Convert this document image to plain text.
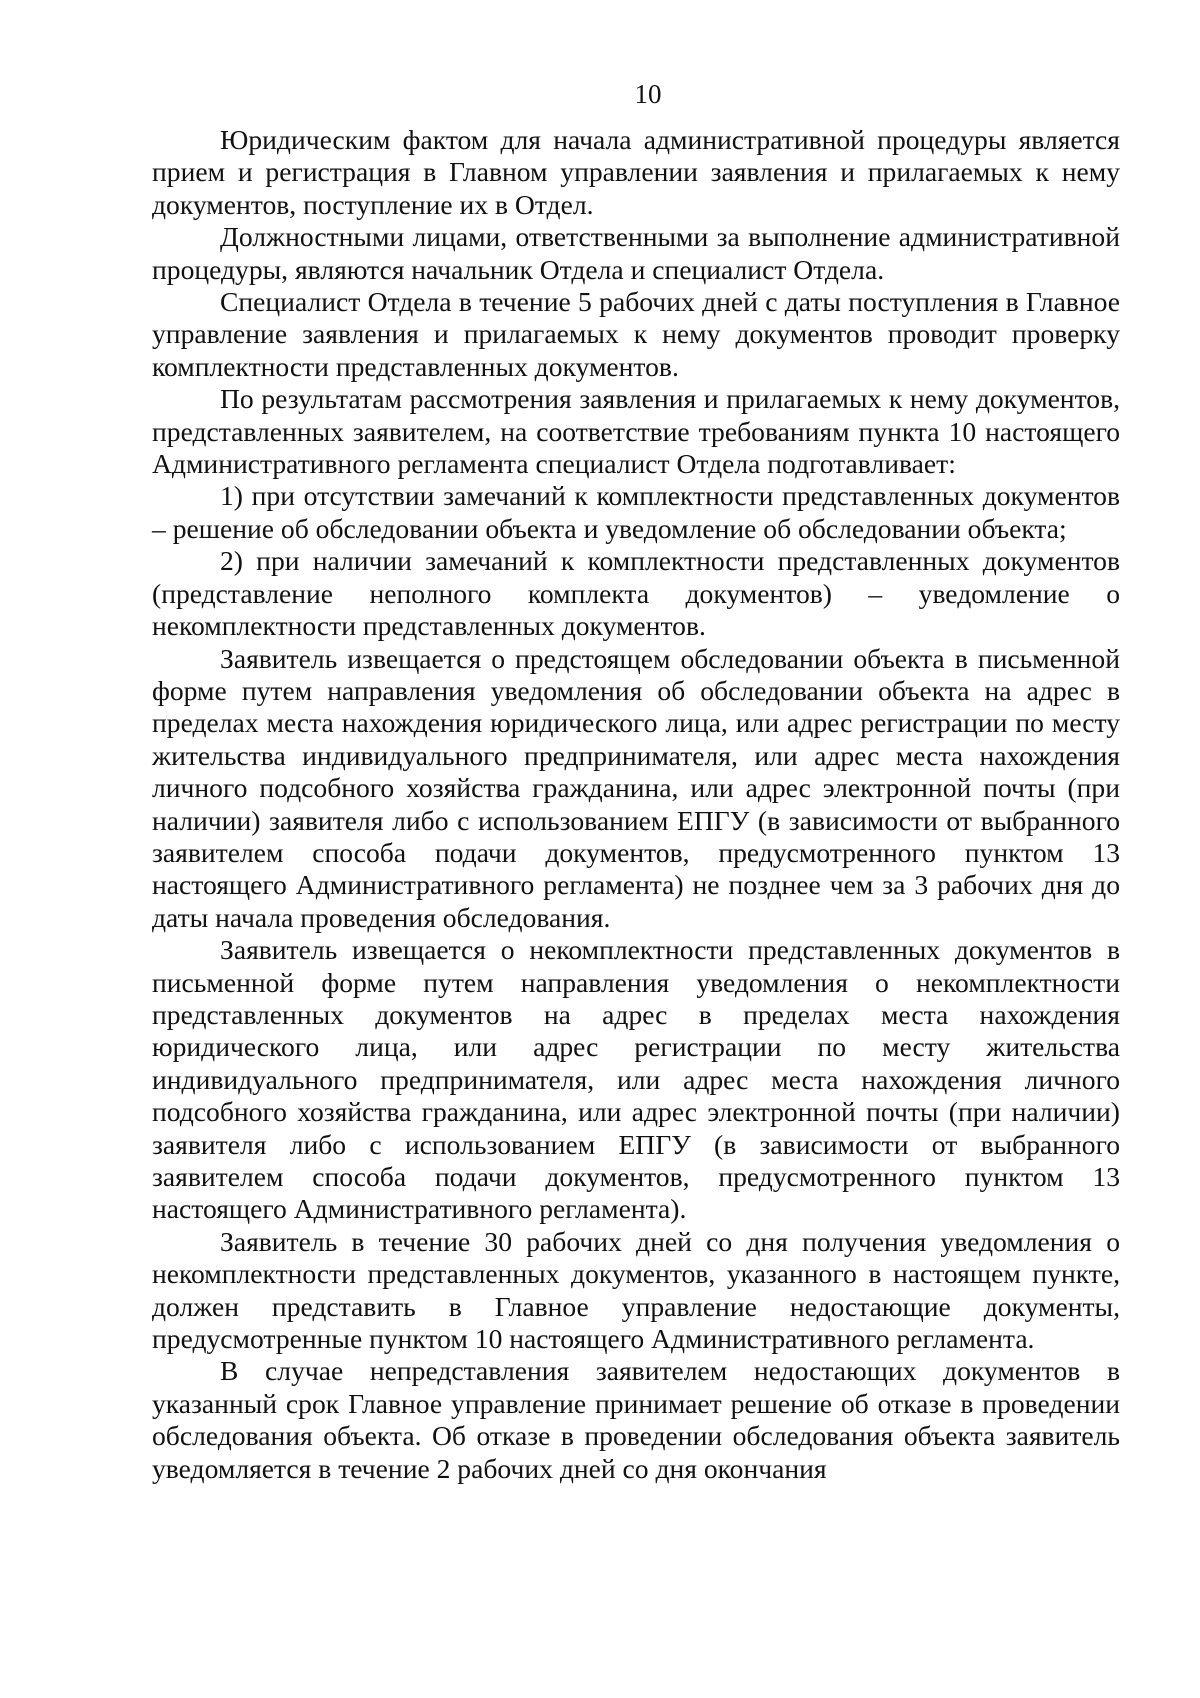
10

Юридическим фактом для начала административной процедуры является прием и регистрация в Главном управлении заявления и прилагаемых к нему документов, поступление их в Отдел.

Должностными лицами, ответственными за выполнение административной процедуры, являются начальник Отдела и специалист Отдела.

Специалист Отдела в течение 5 рабочих дней с даты поступления в Главное управление заявления и прилагаемых к нему документов проводит проверку комплектности представленных документов.

По результатам рассмотрения заявления и прилагаемых к нему документов, представленных заявителем, на соответствие требованиям пункта 10 настоящего Административного регламента специалист Отдела подготавливает:

1) при отсутствии замечаний к комплектности представленных документов – решение об обследовании объекта и уведомление об обследовании объекта;

2) при наличии замечаний к комплектности представленных документов (представление неполного комплекта документов) – уведомление о некомплектности представленных документов.

Заявитель извещается о предстоящем обследовании объекта в письменной форме путем направления уведомления об обследовании объекта на адрес в пределах места нахождения юридического лица, или адрес регистрации по месту жительства индивидуального предпринимателя, или адрес места нахождения личного подсобного хозяйства гражданина, или адрес электронной почты (при наличии) заявителя либо с использованием ЕПГУ (в зависимости от выбранного заявителем способа подачи документов, предусмотренного пунктом 13 настоящего Административного регламента) не позднее чем за 3 рабочих дня до даты начала проведения обследования.

Заявитель извещается о некомплектности представленных документов в письменной форме путем направления уведомления о некомплектности представленных документов на адрес в пределах места нахождения юридического лица, или адрес регистрации по месту жительства индивидуального предпринимателя, или адрес места нахождения личного подсобного хозяйства гражданина, или адрес электронной почты (при наличии) заявителя либо с использованием ЕПГУ (в зависимости от выбранного заявителем способа подачи документов, предусмотренного пунктом 13 настоящего Административного регламента).

Заявитель в течение 30 рабочих дней со дня получения уведомления о некомплектности представленных документов, указанного в настоящем пункте, должен представить в Главное управление недостающие документы, предусмотренные пунктом 10 настоящего Административного регламента.

В случае непредставления заявителем недостающих документов в указанный срок Главное управление принимает решение об отказе в проведении обследования объекта. Об отказе в проведении обследования объекта заявитель уведомляется в течение 2 рабочих дней со дня окончания
